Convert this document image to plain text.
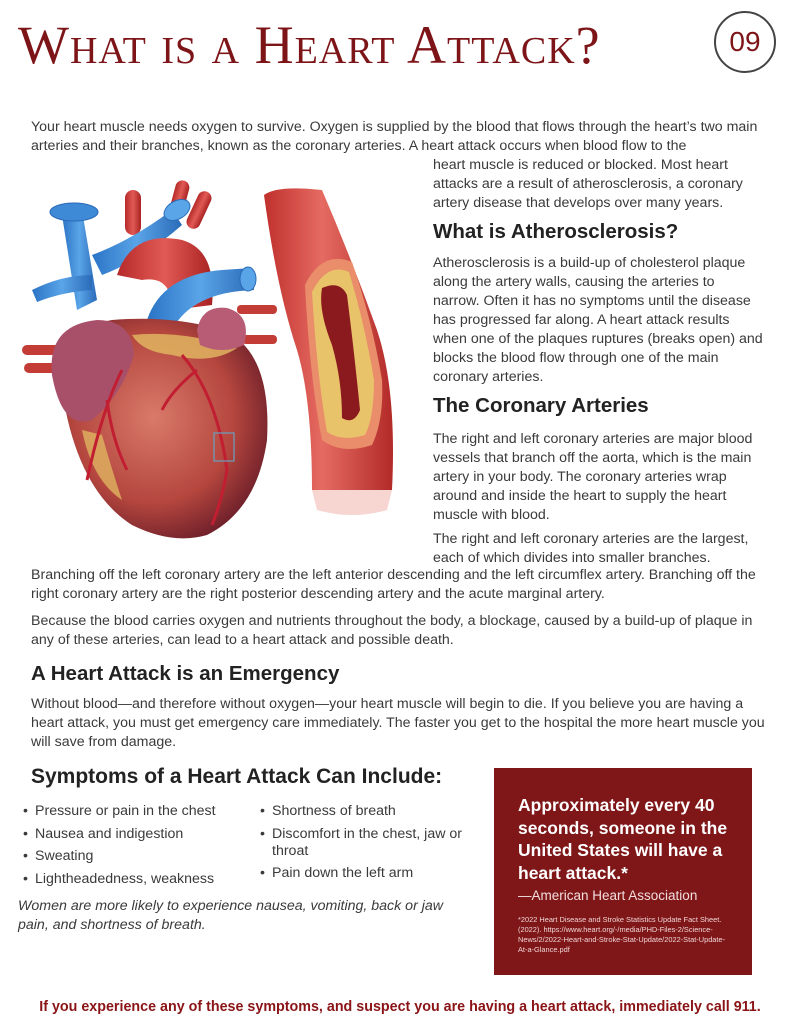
What is a Heart Attack?	09

Your heart muscle needs oxygen to survive. Oxygen is supplied by the blood that flows through the heart’s two main arteries and their branches, known as the coronary arteries. A heart attack occurs when blood flow to the

heart muscle is reduced or blocked. Most heart attacks are a result of atherosclerosis, a coronary artery disease that develops over many years.

What is Atherosclerosis?

Atherosclerosis is a build-up of cholesterol plaque along the artery walls, causing the arteries to narrow. Often it has no symptoms until the disease has progressed far along. A heart attack results when one of the plaques ruptures (breaks open) and blocks the blood flow through one of the main coronary arteries.

The Coronary Arteries

The right and left coronary arteries are major blood vessels that branch off the aorta, which is the main artery in your body. The coronary arteries wrap around and inside the heart to supply the heart muscle with blood.

The right and left coronary arteries are the largest, each of which divides into smaller branches.

Branching off the left coronary artery are the left anterior descending and the left circumflex artery. Branching off the right coronary artery are the right posterior descending artery and the acute marginal artery.

Because the blood carries oxygen and nutrients throughout the body, a blockage, caused by a build-up of plaque in any of these arteries, can lead to a heart attack and possible death.

A Heart Attack is an Emergency

Without blood—and therefore without oxygen—your heart muscle will begin to die. If you believe you are having a heart attack, you must get emergency care immediately. The faster you get to the hospital the more heart muscle you will save from damage.

Symptoms of a Heart Attack Can Include:
• Pressure or pain in the chest
• Nausea and indigestion
• Sweating
• Lightheadedness, weakness
• Shortness of breath
• Discomfort in the chest, jaw or throat
• Pain down the left arm

Women are more likely to experience nausea, vomiting, back or jaw pain, and shortness of breath.

Approximately every 40 seconds, someone in the United States will have a heart attack.*
—American Heart Association
*2022 Heart Disease and Stroke Statistics Update Fact Sheet. (2022). https://www.heart.org/-/media/PHD-Files-2/Science-News/2/2022-Heart-and-Stroke-Stat-Update/2022-Stat-Update-At-a-Glance.pdf
If you experience any of these symptoms, and suspect you are having a heart attack, immediately call 911.
